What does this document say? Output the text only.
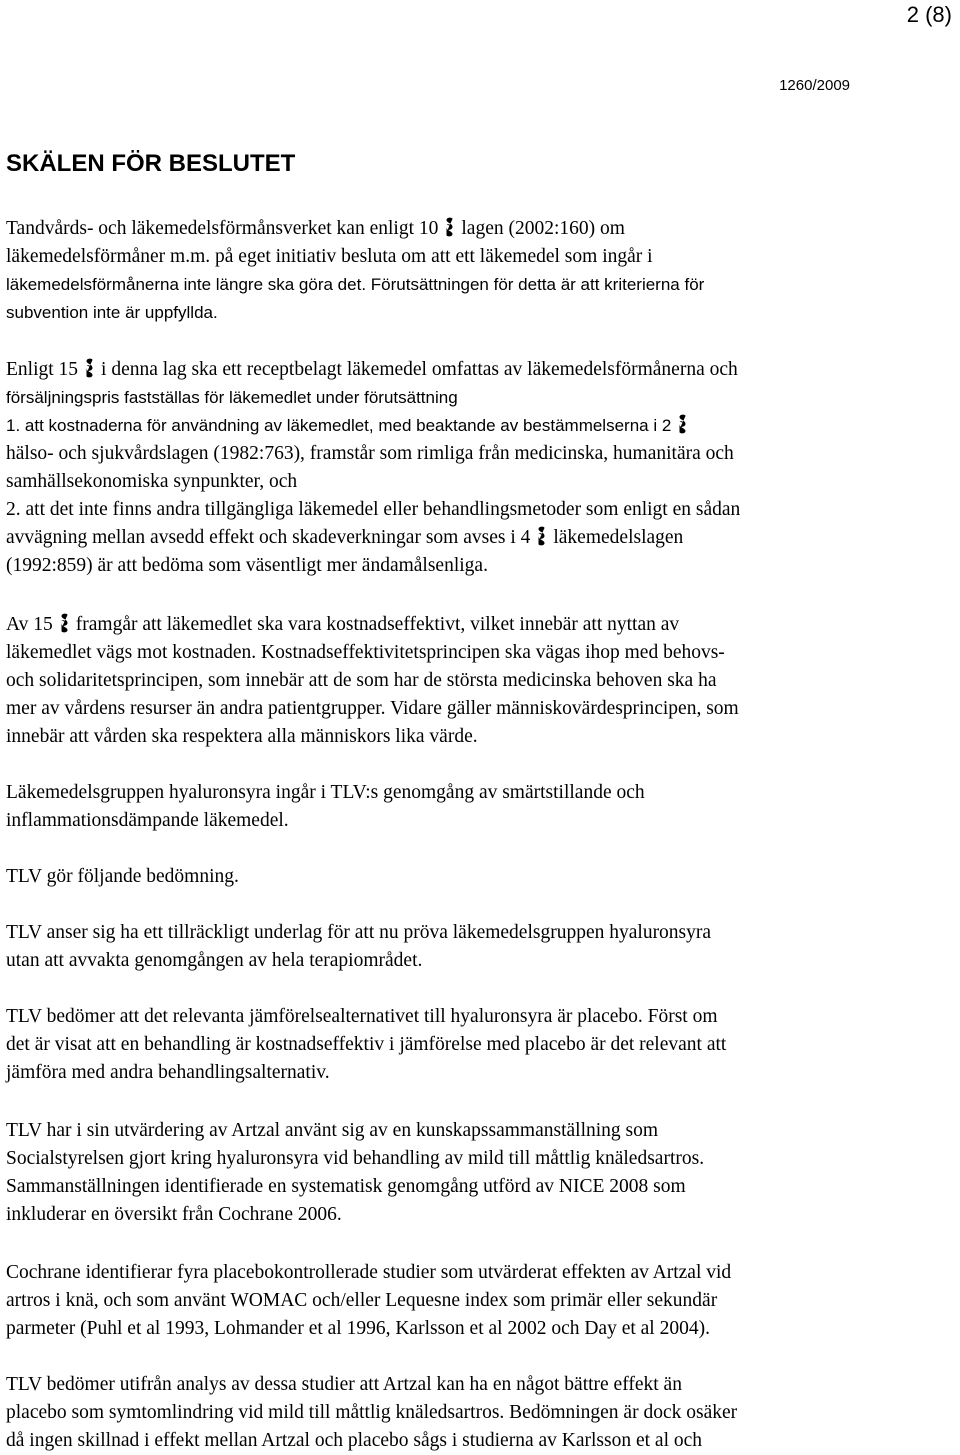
2 (8)
1260/2009
SKÄLEN FÖR BESLUTET
Tandvårds- och läkemedelsförmånsverket kan enligt 10 lagen (2002:160) om
läkemedelsförmåner m.m. på eget initiativ besluta om att ett läkemedel som ingår i
läkemedelsförmånerna inte längre ska göra det. Förutsättningen för detta är att kriterierna för
subvention inte är uppfyllda.
Enligt 15 i denna lag ska ett receptbelagt läkemedel omfattas av läkemedelsförmånerna och
försäljningspris fastställas för läkemedlet under förutsättning
1. att kostnaderna för användning av läkemedlet, med beaktande av bestämmelserna i 2
hälso- och sjukvårdslagen (1982:763), framstår som rimliga från medicinska, humanitära och
samhällsekonomiska synpunkter, och
2. att det inte finns andra tillgängliga läkemedel eller behandlingsmetoder som enligt en sådan
avvägning mellan avsedd effekt och skadeverkningar som avses i 4 läkemedelslagen
(1992:859) är att bedöma som väsentligt mer ändamålsenliga.
Av 15 framgår att läkemedlet ska vara kostnadseffektivt, vilket innebär att nyttan av
läkemedlet vägs mot kostnaden. Kostnadseffektivitetsprincipen ska vägas ihop med behovs-
och solidaritetsprincipen, som innebär att de som har de största medicinska behoven ska ha
mer av vårdens resurser än andra patientgrupper. Vidare gäller människovärdesprincipen, som
innebär att vården ska respektera alla människors lika värde.
Läkemedelsgruppen hyaluronsyra ingår i TLV:s genomgång av smärtstillande och
inflammationsdämpande läkemedel.
TLV gör följande bedömning.
TLV anser sig ha ett tillräckligt underlag för att nu pröva läkemedelsgruppen hyaluronsyra
utan att avvakta genomgången av hela terapiområdet.
TLV bedömer att det relevanta jämförelsealternativet till hyaluronsyra är placebo. Först om
det är visat att en behandling är kostnadseffektiv i jämförelse med placebo är det relevant att
jämföra med andra behandlingsalternativ.
TLV har i sin utvärdering av Artzal använt sig av en kunskapssammanställning som
Socialstyrelsen gjort kring hyaluronsyra vid behandling av mild till måttlig knäledsartros.
Sammanställningen identifierade en systematisk genomgång utförd av NICE 2008 som
inkluderar en översikt från Cochrane 2006.
Cochrane identifierar fyra placebokontrollerade studier som utvärderat effekten av Artzal vid
artros i knä, och som använt WOMAC och/eller Lequesne index som primär eller sekundär
parmeter (Puhl et al 1993, Lohmander et al 1996, Karlsson et al 2002 och Day et al 2004).
TLV bedömer utifrån analys av dessa studier att Artzal kan ha en något bättre effekt än
placebo som symtomlindring vid mild till måttlig knäledsartros. Bedömningen är dock osäker
då ingen skillnad i effekt mellan Artzal och placebo sågs i studierna av Karlsson et al och
